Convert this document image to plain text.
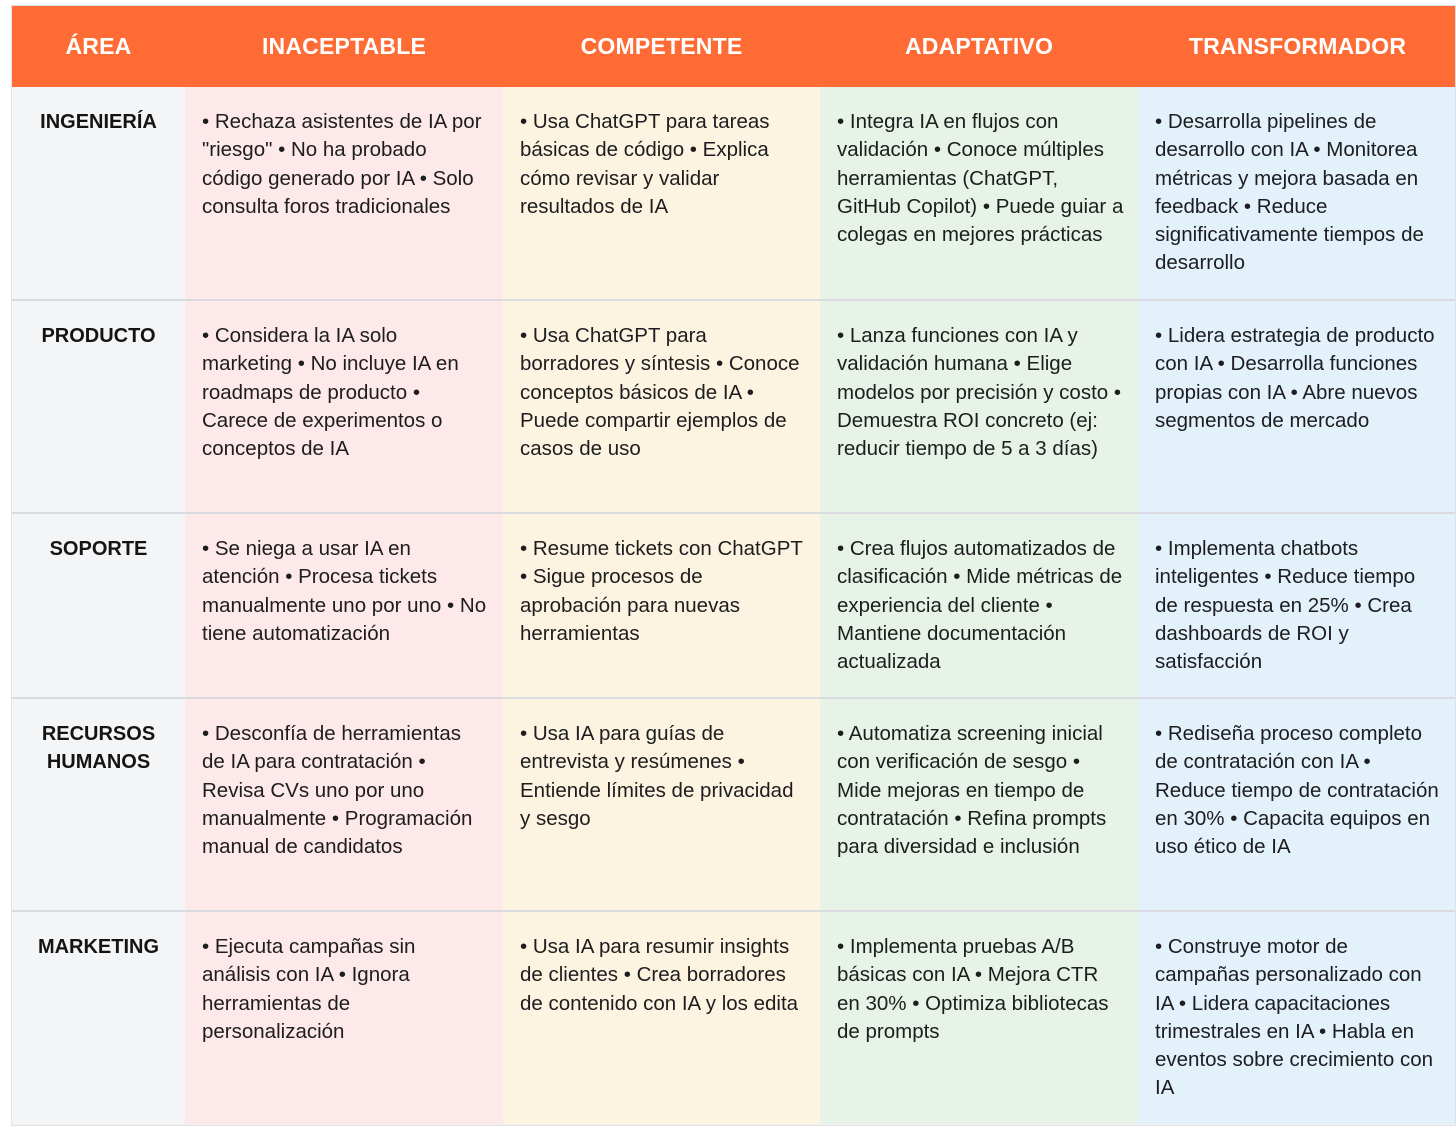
ÁREA	INACEPTABLE	COMPETENTE	ADAPTATIVO	TRANSFORMADOR
INGENIERÍA	• Rechaza asistentes de IA por "riesgo" • No ha probado código generado por IA • Solo consulta foros tradicionales	• Usa ChatGPT para tareas básicas de código • Explica cómo revisar y validar resultados de IA	• Integra IA en flujos con validación • Conoce múltiples herramientas (ChatGPT, GitHub Copilot) • Puede guiar a colegas en mejores prácticas	• Desarrolla pipelines de desarrollo con IA • Monitorea métricas y mejora basada en feedback • Reduce significativamente tiempos de desarrollo
PRODUCTO	• Considera la IA solo marketing • No incluye IA en roadmaps de producto • Carece de experimentos o conceptos de IA	• Usa ChatGPT para borradores y síntesis • Conoce conceptos básicos de IA • Puede compartir ejemplos de casos de uso	• Lanza funciones con IA y validación humana • Elige modelos por precisión y costo • Demuestra ROI concreto (ej: reducir tiempo de 5 a 3 días)	• Lidera estrategia de producto con IA • Desarrolla funciones propias con IA • Abre nuevos segmentos de mercado
SOPORTE	• Se niega a usar IA en atención • Procesa tickets manualmente uno por uno • No tiene automatización	• Resume tickets con ChatGPT • Sigue procesos de aprobación para nuevas herramientas	• Crea flujos automatizados de clasificación • Mide métricas de experiencia del cliente • Mantiene documentación actualizada	• Implementa chatbots inteligentes • Reduce tiempo de respuesta en 25% • Crea dashboards de ROI y satisfacción
RECURSOS HUMANOS	• Desconfía de herramientas de IA para contratación • Revisa CVs uno por uno manualmente • Programación manual de candidatos	• Usa IA para guías de entrevista y resúmenes • Entiende límites de privacidad y sesgo	• Automatiza screening inicial con verificación de sesgo • Mide mejoras en tiempo de contratación • Refina prompts para diversidad e inclusión	• Rediseña proceso completo de contratación con IA • Reduce tiempo de contratación en 30% • Capacita equipos en uso ético de IA
MARKETING	• Ejecuta campañas sin análisis con IA • Ignora herramientas de personalización	• Usa IA para resumir insights de clientes • Crea borradores de contenido con IA y los edita	• Implementa pruebas A/B básicas con IA • Mejora CTR en 30% • Optimiza bibliotecas de prompts	• Construye motor de campañas personalizado con IA • Lidera capacitaciones trimestrales en IA • Habla en eventos sobre crecimiento con IA
